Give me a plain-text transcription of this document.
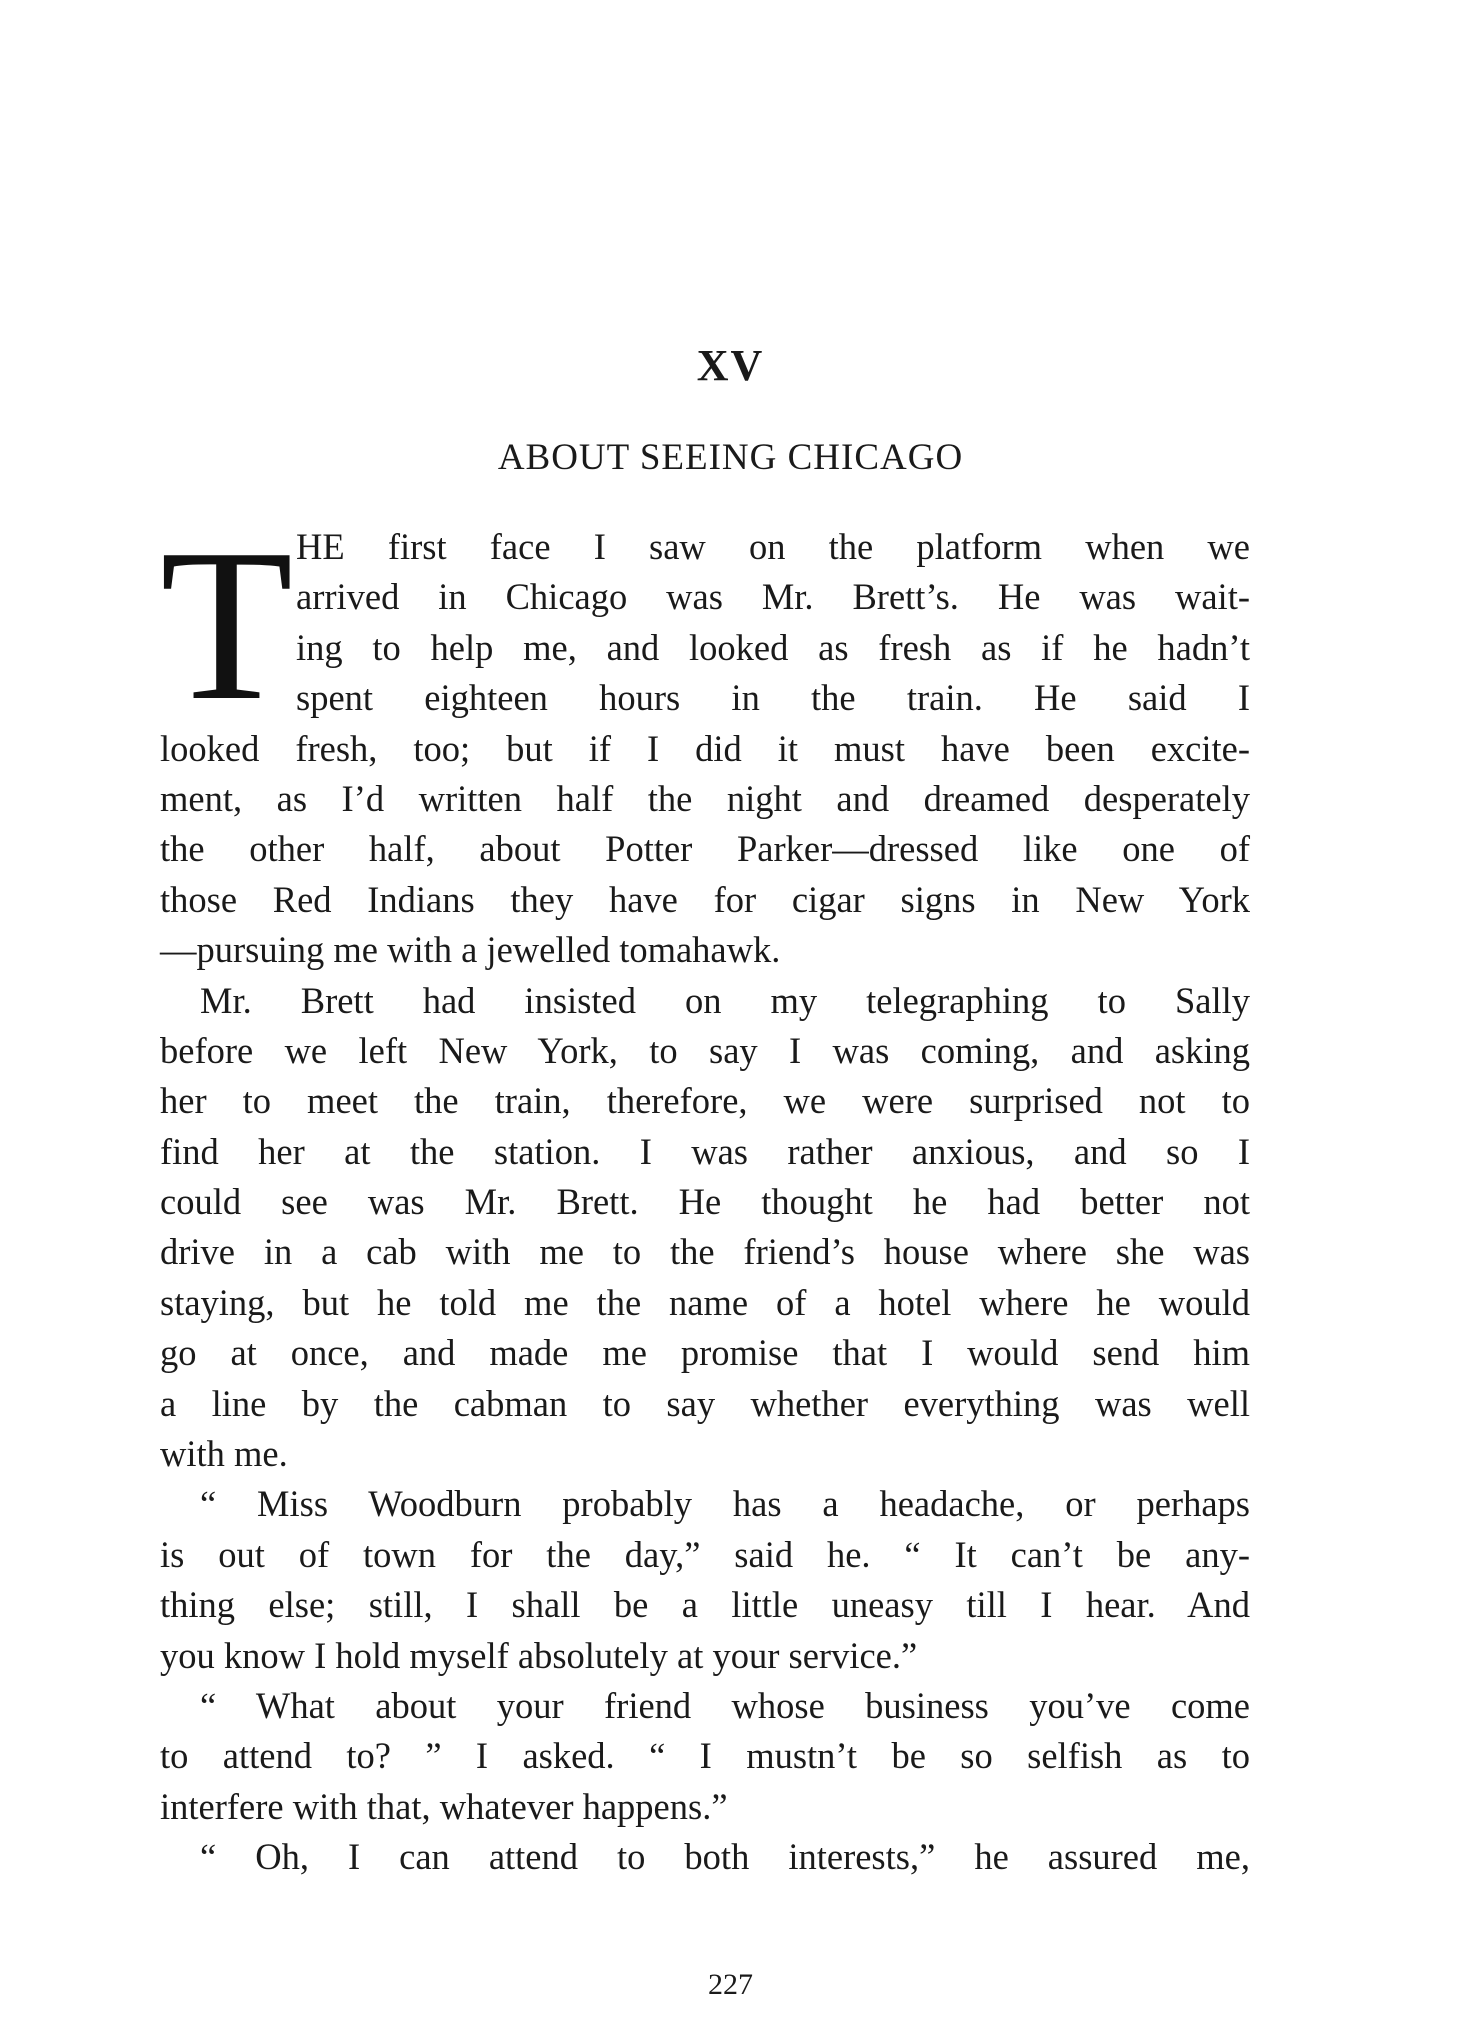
XV
ABOUT SEEING CHICAGO
T HE first face I saw on the platform when we
arrived in Chicago was Mr. Brett’s. He was wait-
ing to help me, and looked as fresh as if he hadn’t
spent eighteen hours in the train. He said I
looked fresh, too; but if I did it must have been excite-
ment, as I’d written half the night and dreamed desperately
the other half, about Potter Parker—dressed like one of
those Red Indians they have for cigar signs in New York
—pursuing me with a jewelled tomahawk.
Mr. Brett had insisted on my telegraphing to Sally
before we left New York, to say I was coming, and asking
her to meet the train, therefore, we were surprised not to
find her at the station. I was rather anxious, and so I
could see was Mr. Brett. He thought he had better not
drive in a cab with me to the friend’s house where she was
staying, but he told me the name of a hotel where he would
go at once, and made me promise that I would send him
a line by the cabman to say whether everything was well
with me.
“ Miss Woodburn probably has a headache, or perhaps
is out of town for the day,” said he. “ It can’t be any-
thing else; still, I shall be a little uneasy till I hear. And
you know I hold myself absolutely at your service.”
“ What about your friend whose business you’ve come
to attend to? ” I asked. “ I mustn’t be so selfish as to
interfere with that, whatever happens.”
“ Oh, I can attend to both interests,” he assured me,

227
